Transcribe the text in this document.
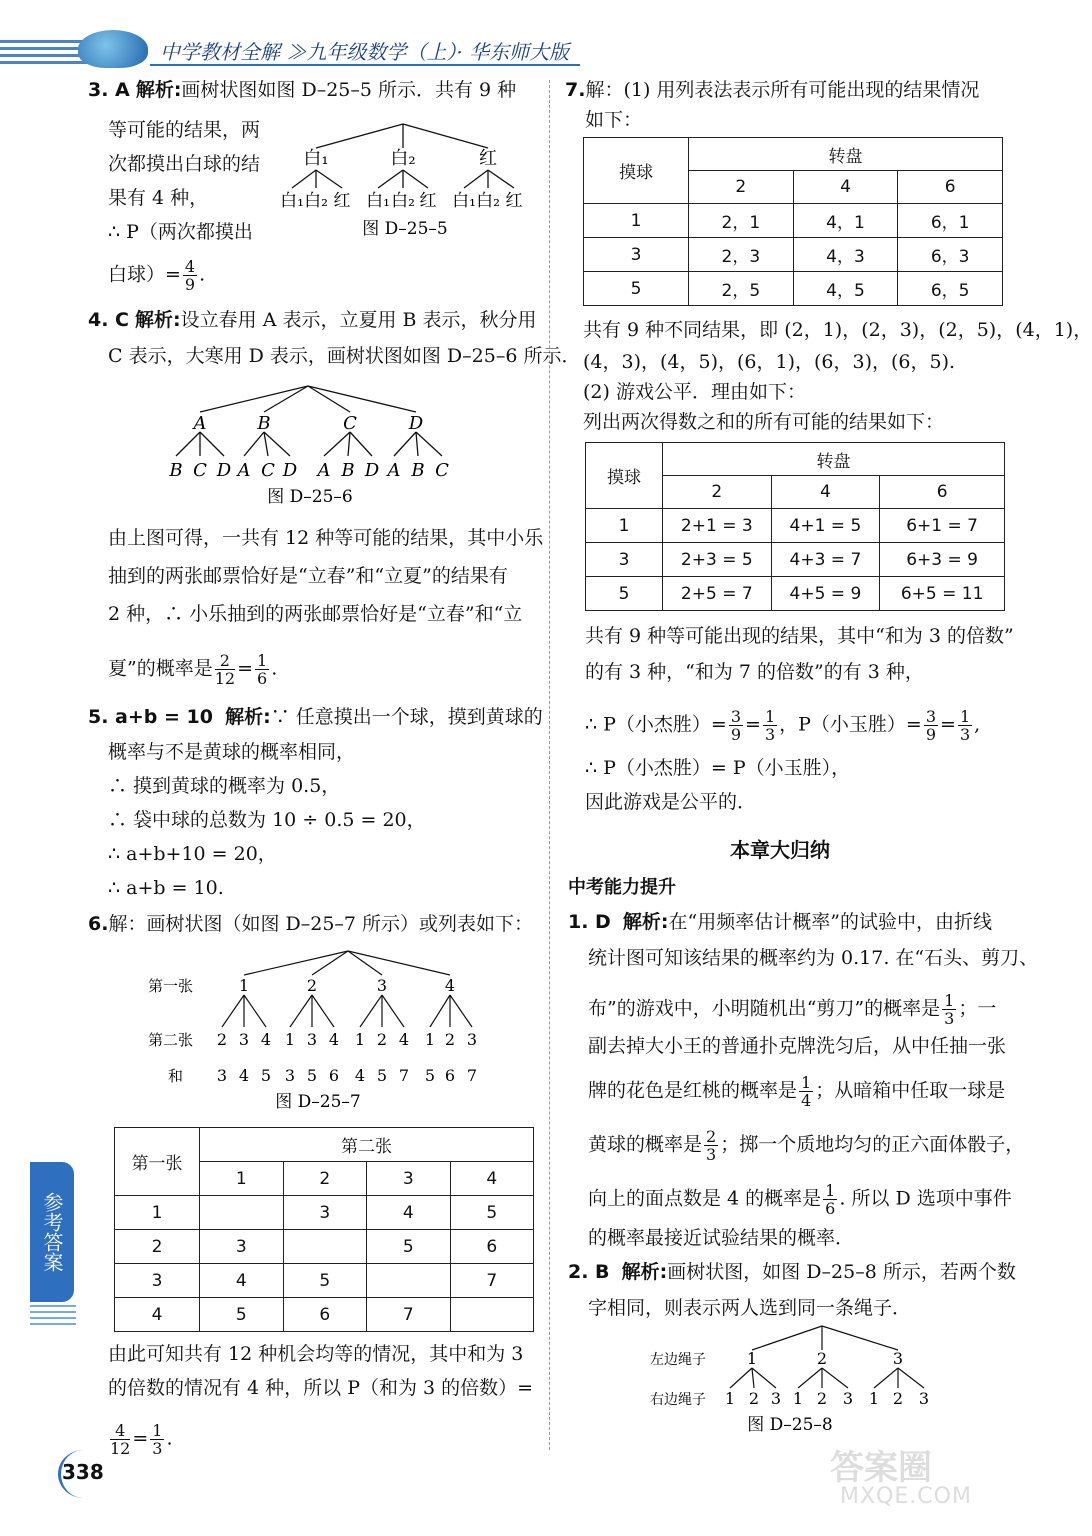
中学教材全解 ≫九年级数学（上）· 华东师大版
3. A 解析:画树状图如图 D–25–5 所示．共有 9 种
等可能的结果，两
次都摸出白球的结
果有 4 种，
∴ P（两次都摸出
白球）= $\frac{4}{9}$ .
白₁	白₂	红
白₁ 白₂ 红 白₁ 白₂ 红 白₁ 白₂ 红
图 D–25–5
4. C 解析:设立春用 A 表示，立夏用 B 表示，秋分用
C 表示，大寒用 D 表示，画树状图如图 D–25–6 所示．
A	B	C	D
B C D A C D A B D A B C
图 D–25–6
由上图可得，一共有 12 种等可能的结果，其中小乐
抽到的两张邮票恰好是“立春”和“立夏”的结果有
2 种，∴ 小乐抽到的两张邮票恰好是“立春”和“立
夏”的概率是 $\frac{2}{12} = \frac{1}{6}$ .
5. a+b = 10 解析:∵ 任意摸出一个球，摸到黄球的
概率与不是黄球的概率相同，
∴ 摸到黄球的概率为 0.5，
∴ 袋中球的总数为 10 ÷ 0.5 = 20，
∴ a+b+10 = 20，
∴ a+b = 10.
6.解：画树状图（如图 D–25–7 所示）或列表如下：
第一张
第二张
和
1	2	3	4
2 3 4 1 3 4 1 2 4 1 2 3
3 4 5 3 5 6 4 5 7 5 6 7
图 D–25–7
第一张	第二张			
	1	2	3	4
1		3	4	5
2	3		5	6
3	4	5		7
4	5	6	7	
由此可知共有 12 种机会均等的情况，其中和为 3
的倍数的情况有 4 种，所以 P（和为 3 的倍数）=
$\frac{4}{12} = \frac{1}{3}$ .
参考答案
338
7.解：(1) 用列表法表示所有可能出现的结果情况
如下：
摸球	转盘		
	2	4	6
1	2，1	4，1	6，1
3	2，3	4，3	6，3
5	2，5	4，5	6，5
共有 9 种不同结果，即 (2，1)，(2，3)，(2，5)，(4，1)，
(4，3)，(4，5)，(6，1)，(6，3)，(6，5).
(2) 游戏公平．理由如下：
列出两次得数之和的所有可能的结果如下：
摸球	转盘		
	2	4	6
1	2+1 = 3	4+1 = 5	6+1 = 7
3	2+3 = 5	4+3 = 7	6+3 = 9
5	2+5 = 7	4+5 = 9	6+5 = 11
共有 9 种等可能出现的结果，其中“和为 3 的倍数”
的有 3 种，“和为 7 的倍数”的有 3 种，
∴ P（小杰胜）= $\frac{3}{9} = \frac{1}{3}$ ，P（小玉胜）= $\frac{3}{9} = \frac{1}{3}$ ,
∴ P（小杰胜）= P（小玉胜），
因此游戏是公平的．
本章大归纳
中考能力提升
1. D 解析:在“用频率估计概率”的试验中，由折线
统计图可知该结果的概率约为 0.17. 在“石头、剪刀、
布”的游戏中，小明随机出“剪刀”的概率是 $\frac{1}{3}$ ；一
副去掉大小王的普通扑克牌洗匀后，从中任抽一张
牌的花色是红桃的概率是 $\frac{1}{4}$ ；从暗箱中任取一球是
黄球的概率是 $\frac{2}{3}$ ；掷一个质地均匀的正六面体骰子，
向上的面点数是 4 的概率是 $\frac{1}{6}$ . 所以 D 选项中事件
的概率最接近试验结果的概率．
2. B 解析:画树状图，如图 D–25–8 所示，若两个数
字相同，则表示两人选到同一条绳子．
左边绳子
右边绳子
1	2	3
1 2 3 1 2 3 1 2 3
图 D–25–8
答案圈
MXQE.COM
